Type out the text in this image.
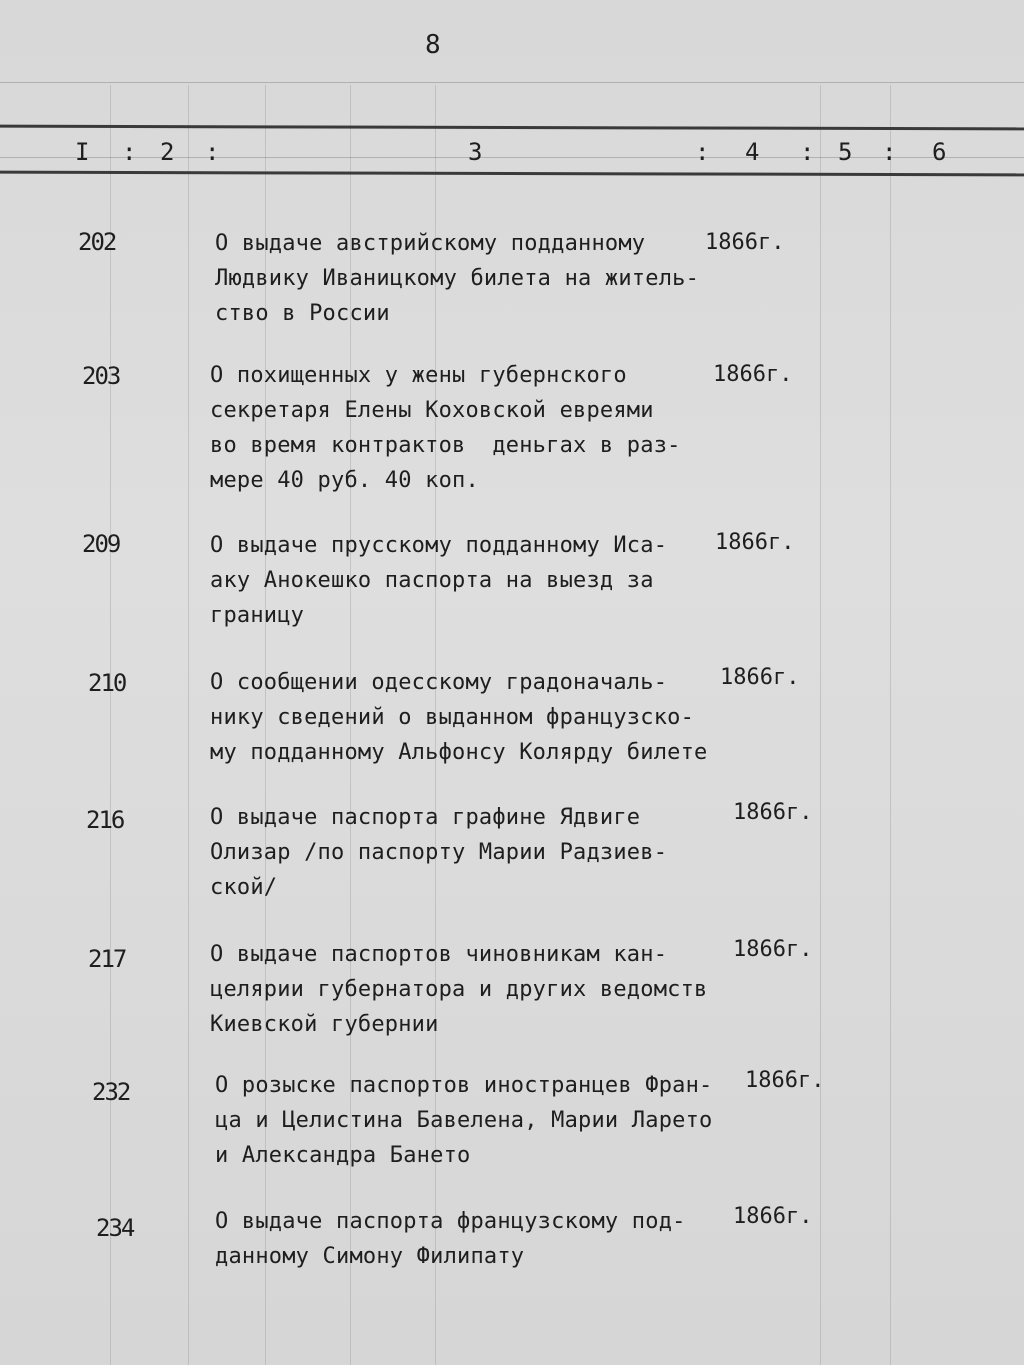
8
I : 2 :	3	: 4 : 5 : 6
202	О выдаче австрийскому подданному
Людвику Иваницкому билета на житель-
ство в России
1866г.
203	О похищенных у жены губернского
секретаря Елены Коховской евреями
во время контрактов  деньгах в раз-
мере 40 руб. 40 коп.
1866г.
209	О выдаче прусскому подданному Иса-
аку Анокешко паспорта на выезд за
границу
1866г.
210	О сообщении одесскому градоначаль-
нику сведений о выданном французско-
му подданному Альфонсу Колярду билете
1866г.
216	О выдаче паспорта графине Ядвиге
Олизар /по паспорту Марии Радзиев-
ской/
1866г.
217	О выдаче паспортов чиновникам кан-
целярии губернатора и других ведомств
Киевской губернии
1866г.
232	О розыске паспортов иностранцев Фран-
ца и Целистина Бавелена, Марии Ларето
и Александра Бането
1866г.
234	О выдаче паспорта французскому под-
данному Симону Филипату
1866г.
